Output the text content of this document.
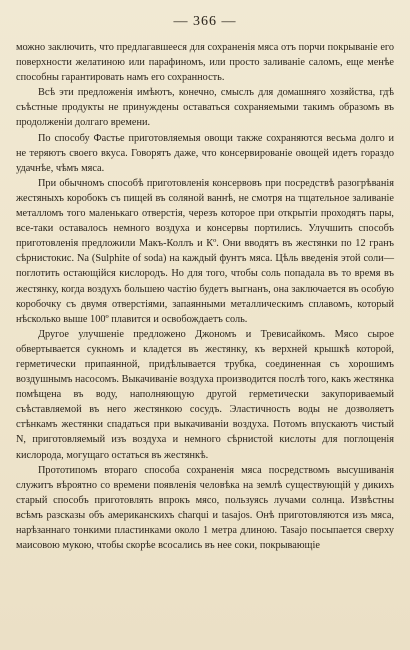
— 366 —

можно заключить, что предлагавшееся для сохраненія мяса отъ порчи покрываніе его поверхности желатиною или парафиномъ, или просто заливаніе саломъ, еще менѣе способны гарантировать намъ его сохранность.

Всѣ эти предложенія имѣютъ, конечно, смыслъ для домашняго хозяйства, гдѣ съѣстные продукты не принуждены оставаться сохраняемыми такимъ образомъ въ продолженіи долгаго времени.

По способу Фастье приготовляемыя овощи также сохраняются весьма долго и не теряютъ своего вкуса. Говорятъ даже, что консервированіе овощей идетъ гораздо удачнѣе, чѣмъ мяса.

При обычномъ способѣ приготовленія консервовъ при посредствѣ разогрѣванія жестяныхъ коробокъ съ пищей въ соляной ваннѣ, не смотря на тщательное заливаніе металломъ того маленькаго отверстія, черезъ которое при открытіи проходятъ пары, все-таки оставалось немного воздуха и консервы портились. Улучшить способъ приготовленія предложили Макъ-Коллъ и Кº. Они вводятъ въ жестянки по 12 гранъ сѣрнистокис. Na (Sulphite of soda) на каждый фунтъ мяса. Цѣль введенія этой соли—поглотить остающійся кислородъ. Но для того, чтобы соль попадала въ то время въ жестянку, когда воздухъ большею частію будетъ выгнанъ, она заключается въ особую коробочку съ двумя отверстіями, запаянными металлическимъ сплавомъ, который нѣсколько выше 100º плавится и освобождаетъ соль.

Другое улучшеніе предложено Джономъ и Тревисайкомъ. Мясо сырое обвертывается сукномъ и кладется въ жестянку, къ верхней крышкѣ которой, герметически припаянной, придѣлывается трубка, соединенная съ хорошимъ воздушнымъ насосомъ. Выкачиваніе воздуха производится послѣ того, какъ жестянка помѣщена въ воду, наполняющую другой герметически закупориваемый съѣставляемой въ него жестянкою сосудъ. Эластичность воды не дозволяетъ стѣнкамъ жестянки спадаться при выкачиваніи воздуха. Потомъ впускаютъ чистый N, приготовляемый изъ воздуха и немного сѣрнистой кислоты для поглощенія кислорода, могущаго остаться въ жестянкѣ.

Прототипомъ втораго способа сохраненія мяса посредствомъ высушиванія служитъ вѣроятно со времени появленія человѣка на землѣ существующій у дикихъ старый способъ приготовлять впрокъ мясо, пользуясь лучами солнца. Извѣстны всѣмъ разсказы объ американскихъ charqui и tasajos. Онѣ приготовляются изъ мяса, нарѣзаннаго тонкими пластинками около 1 метра длиною. Tasajo посыпается сверху маисовою мукою, чтобы скорѣе всосались въ нее соки, покрывающіе
